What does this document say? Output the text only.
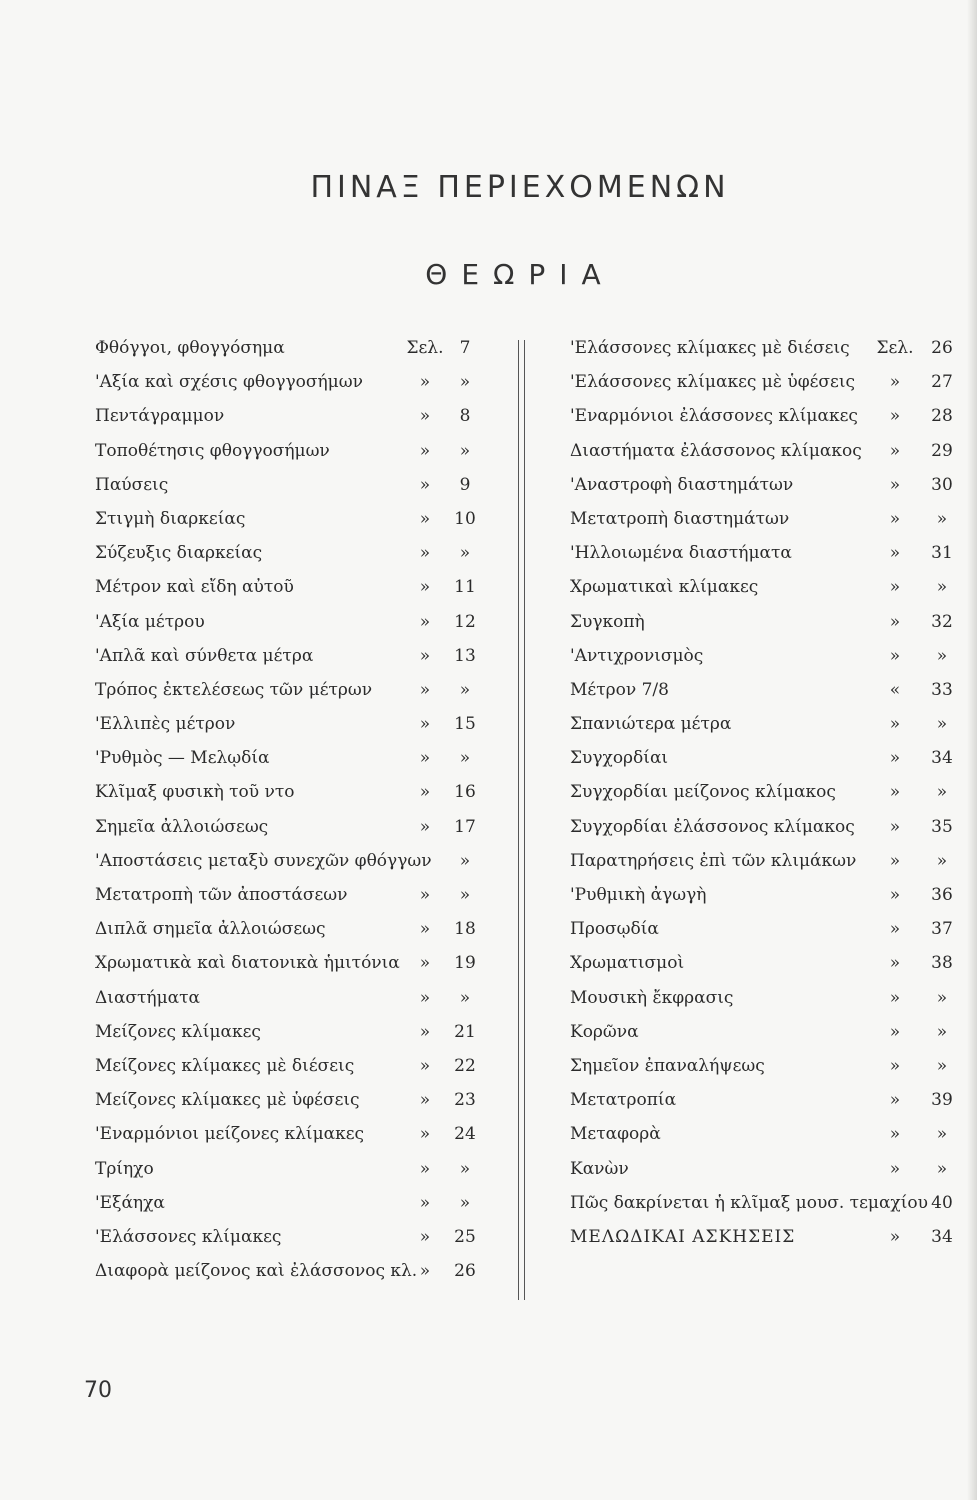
ΠΙΝΑΞ ΠΕΡΙΕΧΟΜΕΝΩΝ
ΘΕΩΡΙΑ
Φθόγγοι, φθογγόσημα	Σελ. 7
'Αξία καὶ σχέσις φθογγοσήμων	»	»
Πεντάγραμμον	»	8
Τοποθέτησις φθογγοσήμων	»	»
Παύσεις	»	9
Στιγμὴ διαρκείας	»	10
Σύζευξις διαρκείας	»	»
Μέτρον καὶ εἴδη αὐτοῦ	»	11
'Αξία μέτρου	»	12
'Απλᾶ καὶ σύνθετα μέτρα	»	13
Τρόπος ἐκτελέσεως τῶν μέτρων	»	»
'Ελλιπὲς μέτρον	»	15
'Ρυθμὸς — Μελῳδία	»	»
Κλῖμαξ φυσικὴ τοῦ ντο	»	16
Σημεῖα ἀλλοιώσεως	»	17
'Αποστάσεις μεταξὺ συνεχῶν φθόγγων	»
Μετατροπὴ τῶν ἀποστάσεων	»	»
Διπλᾶ σημεῖα ἀλλοιώσεως	»	18
Χρωματικὰ καὶ διατονικὰ ἡμιτόνια	»	19
Διαστήματα	»	»
Μείζονες κλίμακες	»	21
Μείζονες κλίμακες μὲ διέσεις	»	22
Μείζονες κλίμακες μὲ ὑφέσεις	»	23
'Εναρμόνιοι μείζονες κλίμακες	»	24
Τρίηχο	»	»
'Εξάηχα	»	»
'Ελάσσονες κλίμακες	»	25
Διαφορὰ μείζονος καὶ ἐλάσσονος κλ. »	26
'Ελάσσονες κλίμακες μὲ διέσεις Σελ.	26
'Ελάσσονες κλίμακες μὲ ὑφέσεις	»	27
'Εναρμόνιοι ἐλάσσονες κλίμακες	»	28
Διαστήματα ἐλάσσονος κλίμακος	»	29
'Αναστροφὴ διαστημάτων	»	30
Μετατροπὴ διαστημάτων	»	»
'Ηλλοιωμένα διαστήματα	»	31
Χρωματικαὶ κλίμακες	»	»
Συγκοπὴ	»	32
'Αντιχρονισμὸς	»	»
Μέτρον 7/8	«	33
Σπανιώτερα μέτρα	»	»
Συγχορδίαι	»	34
Συγχορδίαι μείζονος κλίμακος	»	»
Συγχορδίαι ἐλάσσονος κλίμακος	»	35
Παρατηρήσεις ἐπὶ τῶν κλιμάκων	»	»
'Ρυθμικὴ ἀγωγὴ	»	36
Προσῳδία	»	37
Χρωματισμοὶ	»	38
Μουσικὴ ἔκφρασις	»	»
Κορῶνα	»	»
Σημεῖον ἐπαναλήψεως	»	»
Μετατροπία	»	39
Μεταφορὰ	»	»
Κανὼν	»	»
Πῶς δακρίνεται ἡ κλῖμαξ μουσ. τεμαχίου 40
ΜΕΛΩΔΙΚΑΙ ΑΣΚΗΣΕΙΣ	»	34
70
